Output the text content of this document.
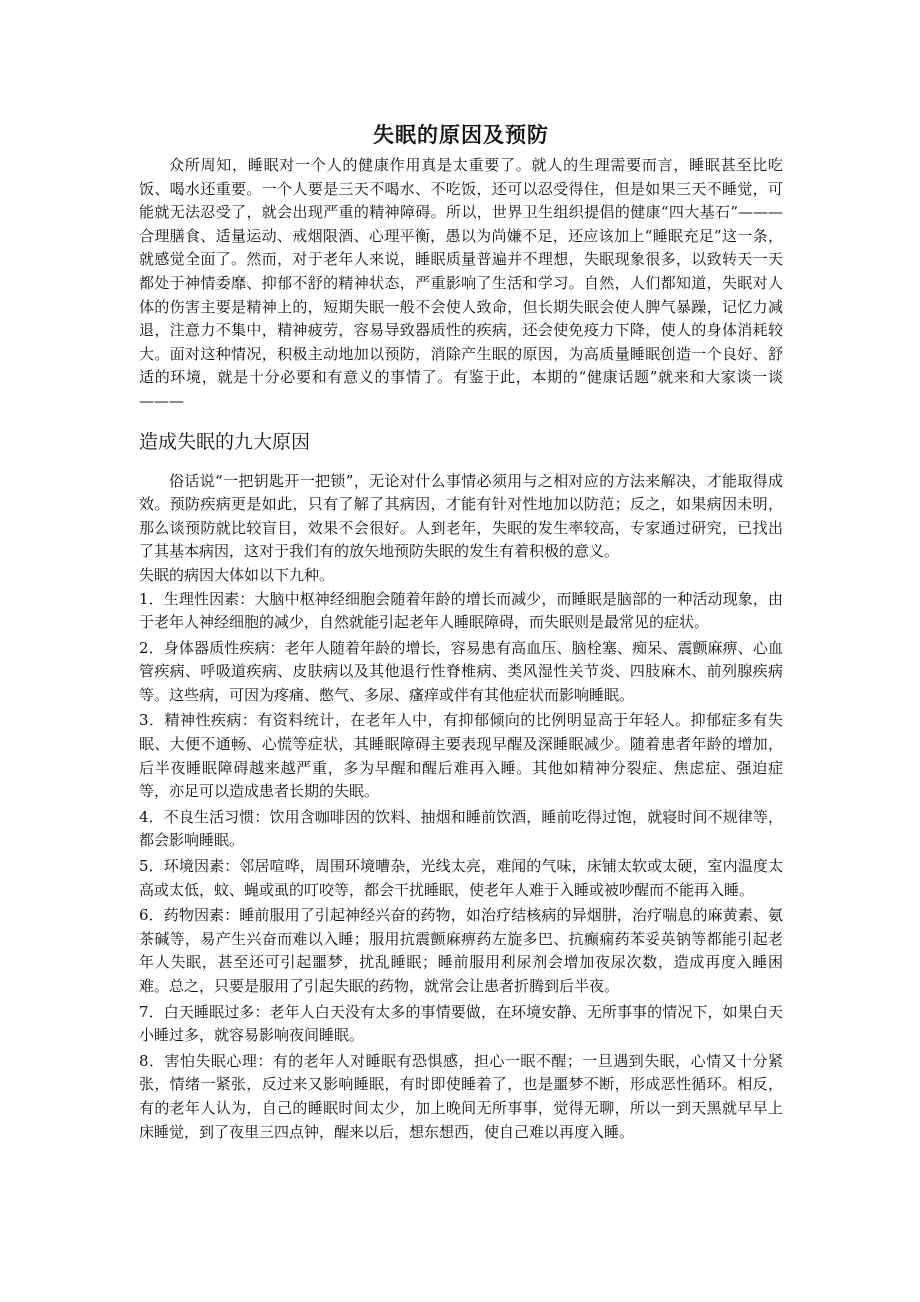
失眠的原因及预防

众所周知，睡眠对一个人的健康作用真是太重要了。就人的生理需要而言，睡眠甚至比吃饭、喝水还重要。一个人要是三天不喝水、不吃饭，还可以忍受得住，但是如果三天不睡觉，可能就无法忍受了，就会出现严重的精神障碍。所以，世界卫生组织提倡的健康“四大基石”———合理膳食、适量运动、戒烟限酒、心理平衡，愚以为尚嫌不足，还应该加上“睡眠充足”这一条，就感觉全面了。然而，对于老年人来说，睡眠质量普遍并不理想，失眠现象很多，以致转天一天都处于神情委靡、抑郁不舒的精神状态，严重影响了生活和学习。自然，人们都知道，失眠对人体的伤害主要是精神上的，短期失眠一般不会使人致命，但长期失眠会使人脾气暴躁，记忆力减退，注意力不集中，精神疲劳，容易导致器质性的疾病，还会使免疫力下降，使人的身体消耗较大。面对这种情况，积极主动地加以预防，消除产生眠的原因，为高质量睡眠创造一个良好、舒适的环境，就是十分必要和有意义的事情了。有鉴于此，本期的“健康话题”就来和大家谈一谈———

造成失眠的九大原因

俗话说“一把钥匙开一把锁”，无论对什么事情必须用与之相对应的方法来解决，才能取得成效。预防疾病更是如此，只有了解了其病因，才能有针对性地加以防范；反之，如果病因未明，那么谈预防就比较盲目，效果不会很好。人到老年，失眠的发生率较高，专家通过研究，已找出了其基本病因，这对于我们有的放矢地预防失眠的发生有着积极的意义。

失眠的病因大体如以下九种。

1．生理性因素：大脑中枢神经细胞会随着年龄的增长而减少，而睡眠是脑部的一种活动现象，由于老年人神经细胞的减少，自然就能引起老年人睡眠障碍，而失眠则是最常见的症状。

2．身体器质性疾病：老年人随着年龄的增长，容易患有高血压、脑栓塞、痴呆、震颤麻痹、心血管疾病、呼吸道疾病、皮肤病以及其他退行性脊椎病、类风湿性关节炎、四肢麻木、前列腺疾病等。这些病，可因为疼痛、憋气、多尿、瘙痒或伴有其他症状而影响睡眠。

3．精神性疾病：有资料统计，在老年人中，有抑郁倾向的比例明显高于年轻人。抑郁症多有失眠、大便不通畅、心慌等症状，其睡眠障碍主要表现早醒及深睡眠减少。随着患者年龄的增加，后半夜睡眠障碍越来越严重，多为早醒和醒后难再入睡。其他如精神分裂症、焦虑症、强迫症等，亦足可以造成患者长期的失眠。

4．不良生活习惯：饮用含咖啡因的饮料、抽烟和睡前饮酒，睡前吃得过饱，就寝时间不规律等，都会影响睡眠。

5．环境因素：邻居喧哗，周围环境嘈杂，光线太亮，难闻的气味，床铺太软或太硬，室内温度太高或太低，蚊、蝇或虱的叮咬等，都会干扰睡眠，使老年人难于入睡或被吵醒而不能再入睡。

6．药物因素：睡前服用了引起神经兴奋的药物，如治疗结核病的异烟肼，治疗喘息的麻黄素、氨茶碱等，易产生兴奋而难以入睡；服用抗震颤麻痹药左旋多巴、抗癫痫药苯妥英钠等都能引起老年人失眠，甚至还可引起噩梦，扰乱睡眠；睡前服用利尿剂会增加夜尿次数，造成再度入睡困难。总之，只要是服用了引起失眠的药物，就常会让患者折腾到后半夜。

7．白天睡眠过多：老年人白天没有太多的事情要做，在环境安静、无所事事的情况下，如果白天小睡过多，就容易影响夜间睡眠。

8．害怕失眠心理：有的老年人对睡眠有恐惧感，担心一眠不醒；一旦遇到失眠，心情又十分紧张，情绪一紧张，反过来又影响睡眠，有时即使睡着了，也是噩梦不断，形成恶性循环。相反，有的老年人认为，自己的睡眠时间太少，加上晚间无所事事，觉得无聊，所以一到天黑就早早上床睡觉，到了夜里三四点钟，醒来以后，想东想西，使自己难以再度入睡。
